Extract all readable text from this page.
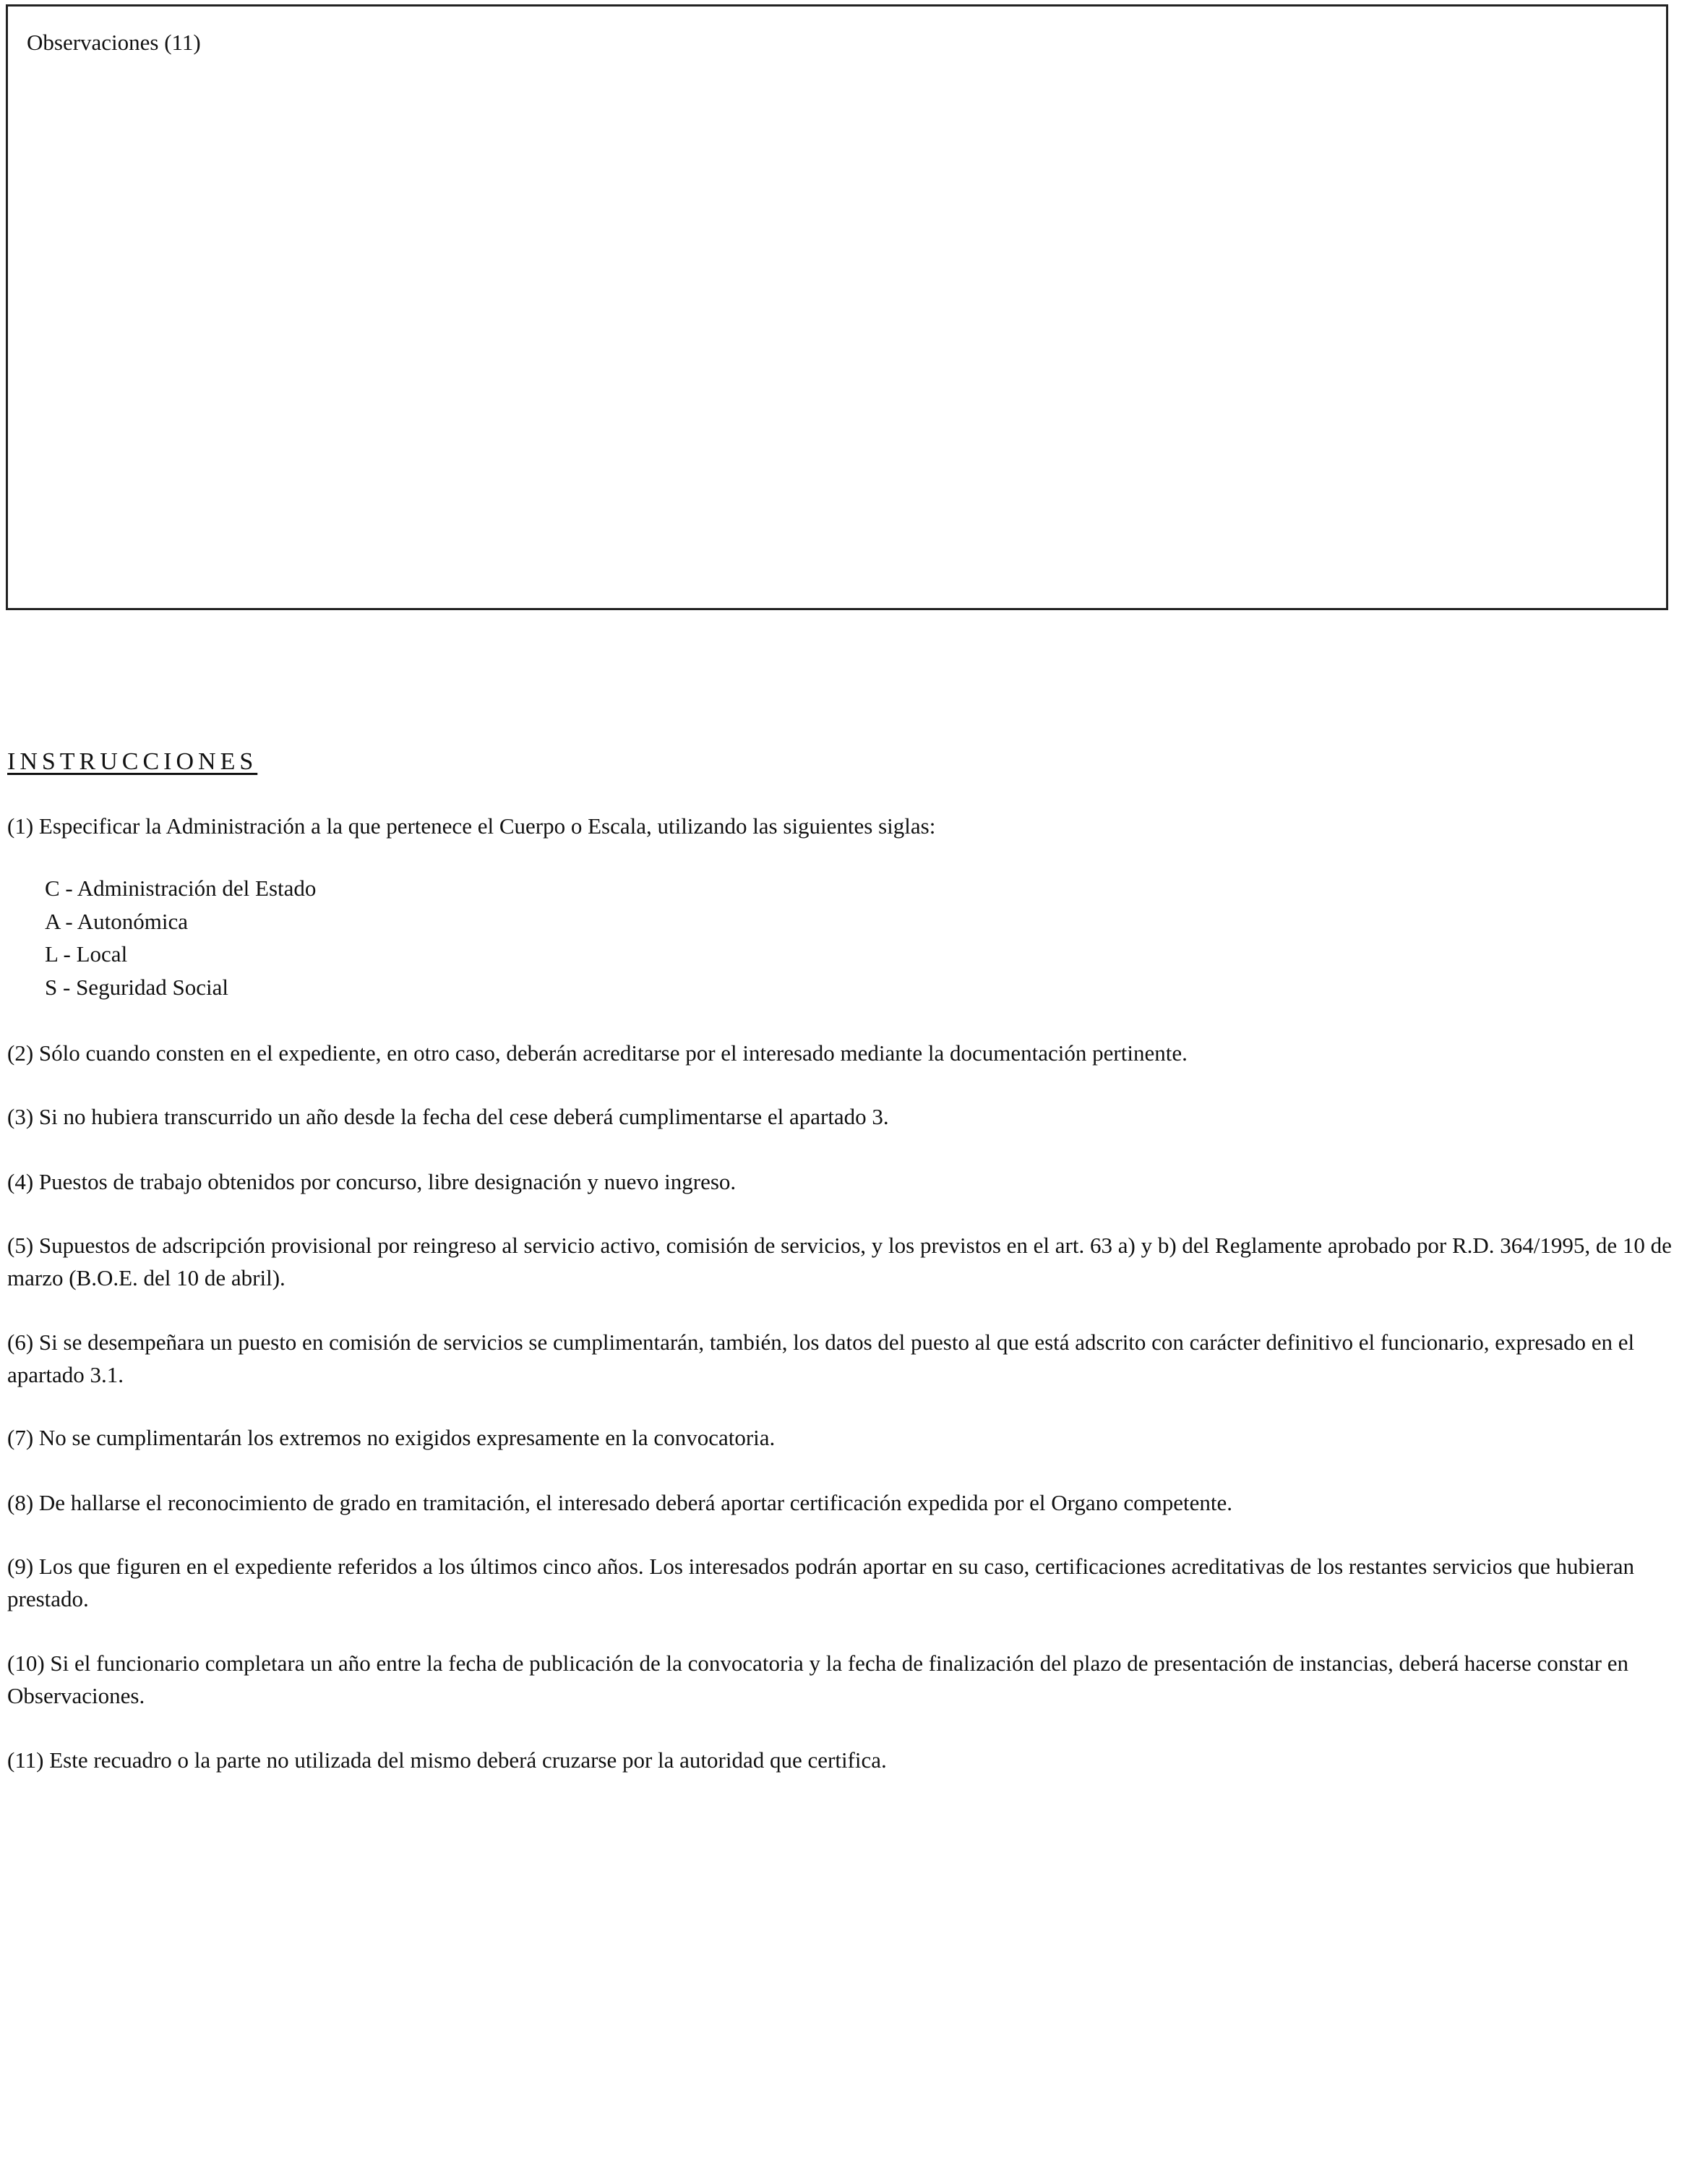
Observaciones (11)
INSTRUCCIONES
(1) Especificar la Administración a la que pertenece el Cuerpo o Escala, utilizando las siguientes siglas:
C - Administración del Estado
A - Autonómica
L - Local
S - Seguridad Social
(2) Sólo cuando consten en el expediente, en otro caso, deberán acreditarse por el interesado mediante la documentación pertinente.
(3) Si no hubiera transcurrido un año desde la fecha del cese deberá cumplimentarse el apartado 3.
(4) Puestos de trabajo obtenidos por concurso, libre designación y nuevo ingreso.
(5) Supuestos de adscripción provisional por reingreso al servicio activo, comisión de servicios, y los previstos en el art. 63 a) y b) del Reglamente aprobado por R.D. 364/1995, de 10 de marzo (B.O.E. del 10 de abril).
(6) Si se desempeñara un puesto en comisión de servicios se cumplimentarán, también, los datos del puesto al que está adscrito con carácter definitivo el funcionario, expresado en el apartado 3.1.
(7) No se cumplimentarán los extremos no exigidos expresamente en la convocatoria.
(8) De hallarse el reconocimiento de grado en tramitación, el interesado deberá aportar certificación expedida por el Organo competente.
(9) Los que figuren en el expediente referidos a los últimos cinco años. Los interesados podrán aportar en su caso, certificaciones acreditativas de los restantes servicios que hubieran prestado.
(10) Si el funcionario completara un año entre la fecha de publicación de la convocatoria y la fecha de finalización del plazo de presentación de instancias, deberá hacerse constar en Observaciones.
(11) Este recuadro o la parte no utilizada del mismo deberá cruzarse por la autoridad que certifica.
